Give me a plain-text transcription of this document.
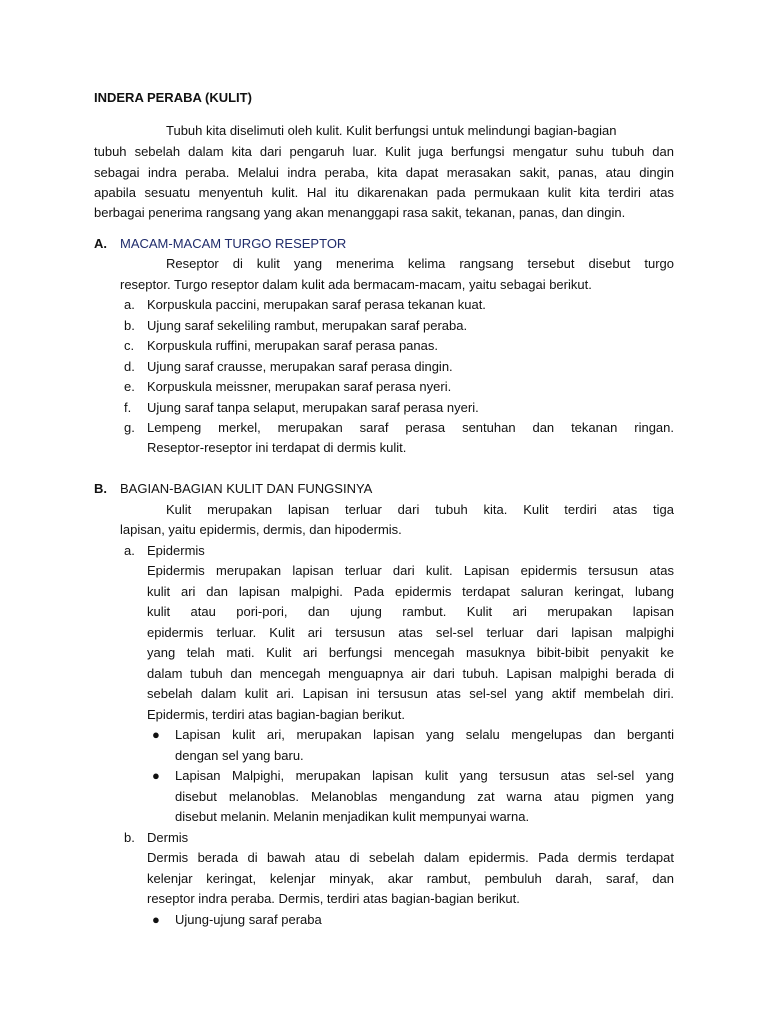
INDERA PERABA (KULIT)
Tubuh kita diselimuti oleh kulit. Kulit berfungsi untuk melindungi bagian-bagian
tubuh sebelah dalam kita dari pengaruh luar. Kulit juga berfungsi mengatur suhu tubuh dan
sebagai indra peraba. Melalui indra peraba, kita dapat merasakan sakit, panas, atau dingin
apabila sesuatu menyentuh kulit. Hal itu dikarenakan pada permukaan kulit kita terdiri atas
berbagai penerima rangsang yang akan menanggapi rasa sakit, tekanan, panas, dan dingin.
A. MACAM-MACAM TURGO RESEPTOR
Reseptor di kulit yang menerima kelima rangsang tersebut disebut turgo
reseptor. Turgo reseptor dalam kulit ada bermacam-macam, yaitu sebagai berikut.
a. Korpuskula paccini, merupakan saraf perasa tekanan kuat.
b. Ujung saraf sekeliling rambut, merupakan saraf peraba.
c. Korpuskula ruffini, merupakan saraf perasa panas.
d. Ujung saraf crausse, merupakan saraf perasa dingin.
e. Korpuskula meissner, merupakan saraf perasa nyeri.
f. Ujung saraf tanpa selaput, merupakan saraf perasa nyeri.
g. Lempeng merkel, merupakan saraf perasa sentuhan dan tekanan ringan.
Reseptor-reseptor ini terdapat di dermis kulit.
B. BAGIAN-BAGIAN KULIT DAN FUNGSINYA
Kulit merupakan lapisan terluar dari tubuh kita. Kulit terdiri atas tiga
lapisan, yaitu epidermis, dermis, dan hipodermis.
a. Epidermis
Epidermis merupakan lapisan terluar dari kulit. Lapisan epidermis tersusun atas
kulit ari dan lapisan malpighi. Pada epidermis terdapat saluran keringat, lubang
kulit atau pori-pori, dan ujung rambut. Kulit ari merupakan lapisan
epidermis terluar. Kulit ari tersusun atas sel-sel terluar dari lapisan malpighi
yang telah mati. Kulit ari berfungsi mencegah masuknya bibit-bibit penyakit ke
dalam tubuh dan mencegah menguapnya air dari tubuh. Lapisan malpighi berada di
sebelah dalam kulit ari. Lapisan ini tersusun atas sel-sel yang aktif membelah diri.
Epidermis, terdiri atas bagian-bagian berikut.
● Lapisan kulit ari, merupakan lapisan yang selalu mengelupas dan berganti
dengan sel yang baru.
● Lapisan Malpighi, merupakan lapisan kulit yang tersusun atas sel-sel yang
disebut melanoblas. Melanoblas mengandung zat warna atau pigmen yang
disebut melanin. Melanin menjadikan kulit mempunyai warna.
b. Dermis
Dermis berada di bawah atau di sebelah dalam epidermis. Pada dermis terdapat
kelenjar keringat, kelenjar minyak, akar rambut, pembuluh darah, saraf, dan
reseptor indra peraba. Dermis, terdiri atas bagian-bagian berikut.
● Ujung-ujung saraf peraba
